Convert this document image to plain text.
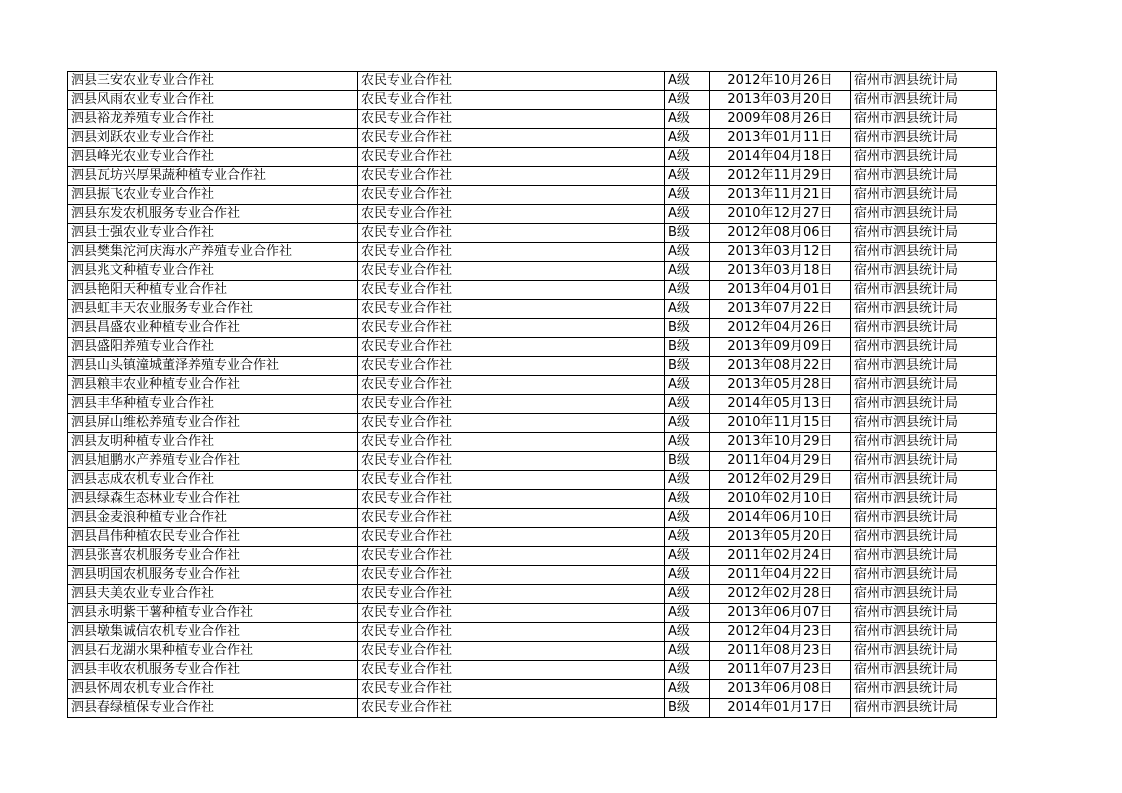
泗县三安农业专业合作社	农民专业合作社	A级	2012年10月26日	宿州市泗县统计局
泗县风雨农业专业合作社	农民专业合作社	A级	2013年03月20日	宿州市泗县统计局
泗县裕龙养殖专业合作社	农民专业合作社	A级	2009年08月26日	宿州市泗县统计局
泗县刘跃农业专业合作社	农民专业合作社	A级	2013年01月11日	宿州市泗县统计局
泗县峰光农业专业合作社	农民专业合作社	A级	2014年04月18日	宿州市泗县统计局
泗县瓦坊兴厚果蔬种植专业合作社	农民专业合作社	A级	2012年11月29日	宿州市泗县统计局
泗县振飞农业专业合作社	农民专业合作社	A级	2013年11月21日	宿州市泗县统计局
泗县东发农机服务专业合作社	农民专业合作社	A级	2010年12月27日	宿州市泗县统计局
泗县士强农业专业合作社	农民专业合作社	B级	2012年08月06日	宿州市泗县统计局
泗县樊集沱河庆海水产养殖专业合作社	农民专业合作社	A级	2013年03月12日	宿州市泗县统计局
泗县兆文种植专业合作社	农民专业合作社	A级	2013年03月18日	宿州市泗县统计局
泗县艳阳天种植专业合作社	农民专业合作社	A级	2013年04月01日	宿州市泗县统计局
泗县虹丰天农业服务专业合作社	农民专业合作社	A级	2013年07月22日	宿州市泗县统计局
泗县昌盛农业种植专业合作社	农民专业合作社	B级	2012年04月26日	宿州市泗县统计局
泗县盛阳养殖专业合作社	农民专业合作社	B级	2013年09月09日	宿州市泗县统计局
泗县山头镇潼城董泽养殖专业合作社	农民专业合作社	B级	2013年08月22日	宿州市泗县统计局
泗县粮丰农业种植专业合作社	农民专业合作社	A级	2013年05月28日	宿州市泗县统计局
泗县丰华种植专业合作社	农民专业合作社	A级	2014年05月13日	宿州市泗县统计局
泗县屏山维松养殖专业合作社	农民专业合作社	A级	2010年11月15日	宿州市泗县统计局
泗县友明种植专业合作社	农民专业合作社	A级	2013年10月29日	宿州市泗县统计局
泗县旭鹏水产养殖专业合作社	农民专业合作社	B级	2011年04月29日	宿州市泗县统计局
泗县志成农机专业合作社	农民专业合作社	A级	2012年02月29日	宿州市泗县统计局
泗县绿森生态林业专业合作社	农民专业合作社	A级	2010年02月10日	宿州市泗县统计局
泗县金麦浪种植专业合作社	农民专业合作社	A级	2014年06月10日	宿州市泗县统计局
泗县昌伟种植农民专业合作社	农民专业合作社	A级	2013年05月20日	宿州市泗县统计局
泗县张喜农机服务专业合作社	农民专业合作社	A级	2011年02月24日	宿州市泗县统计局
泗县明国农机服务专业合作社	农民专业合作社	A级	2011年04月22日	宿州市泗县统计局
泗县夫美农业专业合作社	农民专业合作社	A级	2012年02月28日	宿州市泗县统计局
泗县永明紫干薯种植专业合作社	农民专业合作社	A级	2013年06月07日	宿州市泗县统计局
泗县墩集诚信农机专业合作社	农民专业合作社	A级	2012年04月23日	宿州市泗县统计局
泗县石龙湖水果种植专业合作社	农民专业合作社	A级	2011年08月23日	宿州市泗县统计局
泗县丰收农机服务专业合作社	农民专业合作社	A级	2011年07月23日	宿州市泗县统计局
泗县怀周农机专业合作社	农民专业合作社	A级	2013年06月08日	宿州市泗县统计局
泗县春绿植保专业合作社	农民专业合作社	B级	2014年01月17日	宿州市泗县统计局
